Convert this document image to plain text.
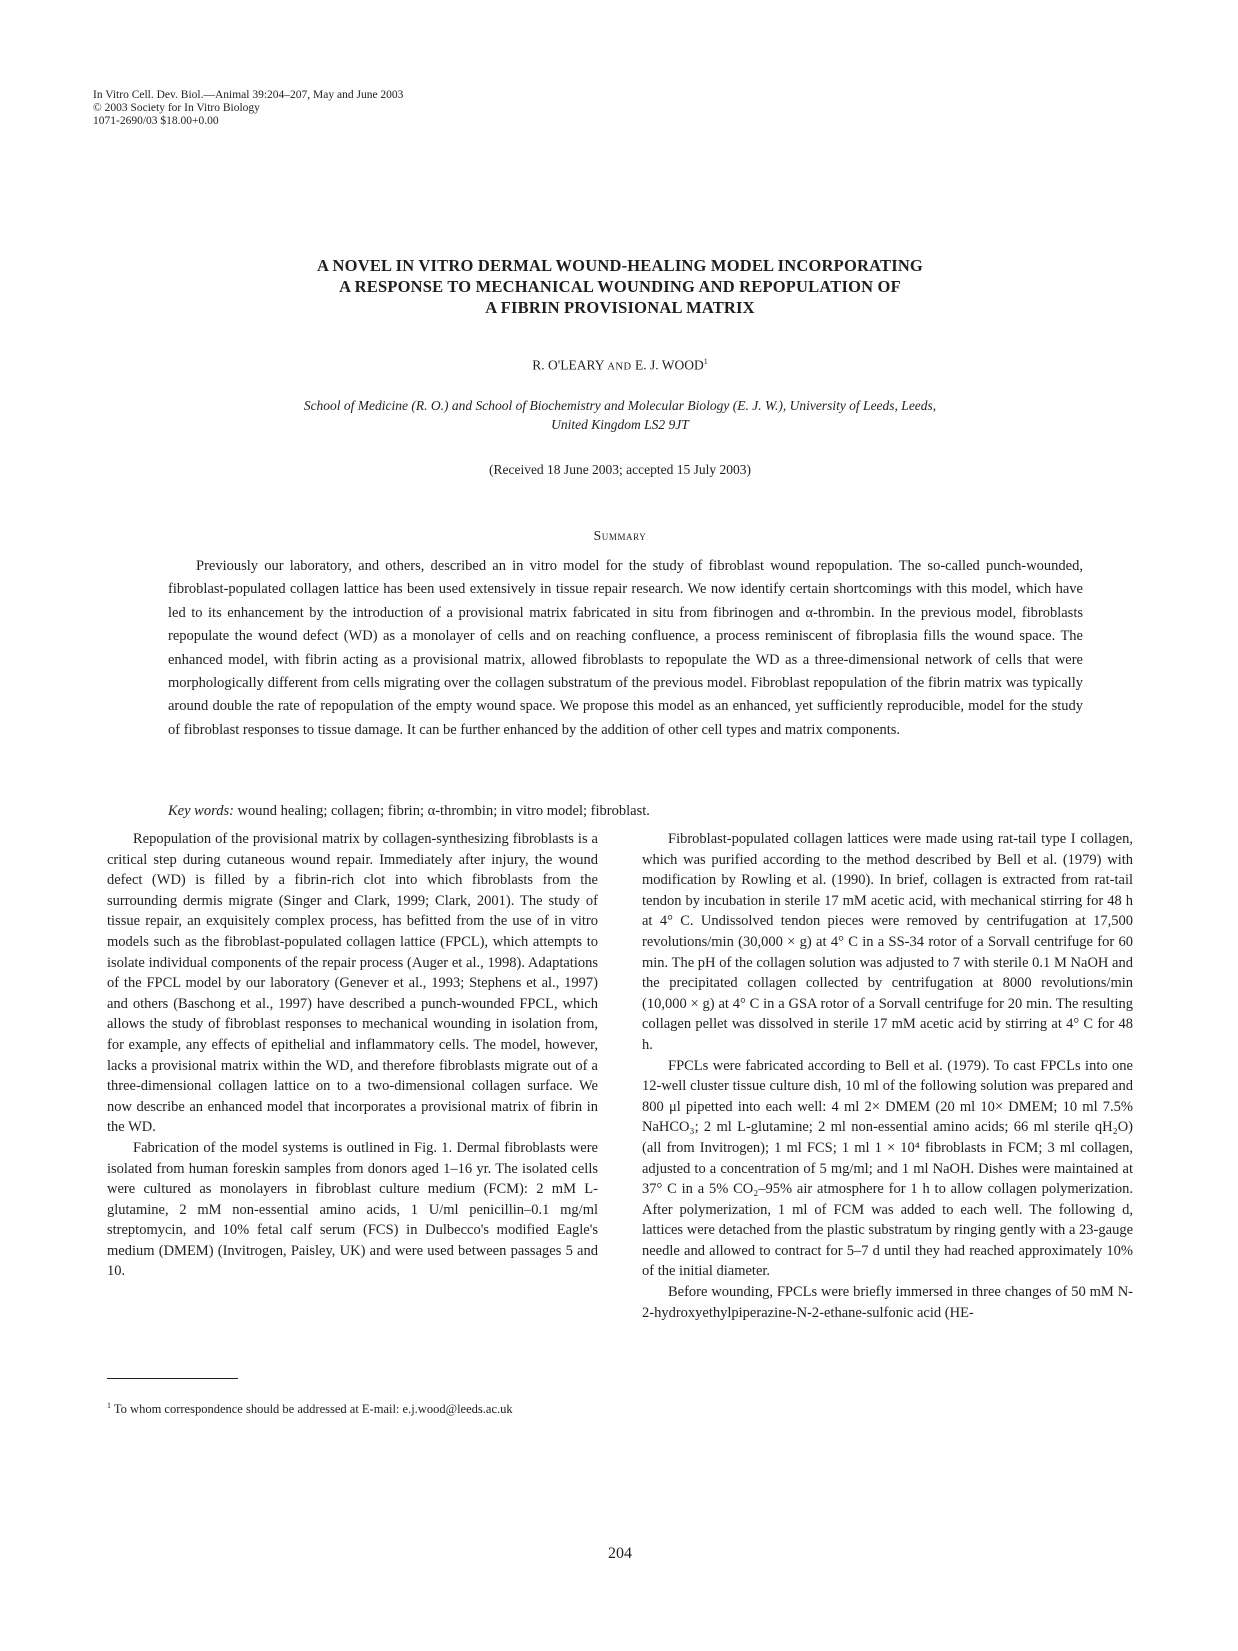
In Vitro Cell. Dev. Biol.—Animal 39:204–207, May and June 2003
© 2003 Society for In Vitro Biology
1071-2690/03 $18.00+0.00
A NOVEL IN VITRO DERMAL WOUND-HEALING MODEL INCORPORATING
A RESPONSE TO MECHANICAL WOUNDING AND REPOPULATION OF
A FIBRIN PROVISIONAL MATRIX
R. O'LEARY AND E. J. WOOD$^1$
School of Medicine (R. O.) and School of Biochemistry and Molecular Biology (E. J. W.), University of Leeds, Leeds,
United Kingdom LS2 9JT
(Received 18 June 2003; accepted 15 July 2003)
Summary

Previously our laboratory, and others, described an in vitro model for the study of fibroblast wound repopulation. The so-called punch-wounded, fibroblast-populated collagen lattice has been used extensively in tissue repair research. We now identify certain shortcomings with this model, which have led to its enhancement by the introduction of a provisional matrix fabricated in situ from fibrinogen and α-thrombin. In the previous model, fibroblasts repopulate the wound defect (WD) as a monolayer of cells and on reaching confluence, a process reminiscent of fibroplasia fills the wound space. The enhanced model, with fibrin acting as a provisional matrix, allowed fibroblasts to repopulate the WD as a three-dimensional network of cells that were morphologically different from cells migrating over the collagen substratum of the previous model. Fibroblast repopulation of the fibrin matrix was typically around double the rate of repopulation of the empty wound space. We propose this model as an enhanced, yet sufficiently reproducible, model for the study of fibroblast responses to tissue damage. It can be further enhanced by the addition of other cell types and matrix components.

Key words: wound healing; collagen; fibrin; α-thrombin; in vitro model; fibroblast.

Repopulation of the provisional matrix by collagen-synthesizing fibroblasts is a critical step during cutaneous wound repair. Immediately after injury, the wound defect (WD) is filled by a fibrin-rich clot into which fibroblasts from the surrounding dermis migrate (Singer and Clark, 1999; Clark, 2001). The study of tissue repair, an exquisitely complex process, has befitted from the use of in vitro models such as the fibroblast-populated collagen lattice (FPCL), which attempts to isolate individual components of the repair process (Auger et al., 1998). Adaptations of the FPCL model by our laboratory (Genever et al., 1993; Stephens et al., 1997) and others (Baschong et al., 1997) have described a punch-wounded FPCL, which allows the study of fibroblast responses to mechanical wounding in isolation from, for example, any effects of epithelial and inflammatory cells. The model, however, lacks a provisional matrix within the WD, and therefore fibroblasts migrate out of a three-dimensional collagen lattice on to a two-dimensional collagen surface. We now describe an enhanced model that incorporates a provisional matrix of fibrin in the WD.

Fabrication of the model systems is outlined in Fig. 1. Dermal fibroblasts were isolated from human foreskin samples from donors aged 1–16 yr. The isolated cells were cultured as monolayers in fibroblast culture medium (FCM): 2 mM L-glutamine, 2 mM non-essential amino acids, 1 U/ml penicillin–0.1 mg/ml streptomycin, and 10% fetal calf serum (FCS) in Dulbecco's modified Eagle's medium (DMEM) (Invitrogen, Paisley, UK) and were used between passages 5 and 10.

Fibroblast-populated collagen lattices were made using rat-tail type I collagen, which was purified according to the method described by Bell et al. (1979) with modification by Rowling et al. (1990). In brief, collagen is extracted from rat-tail tendon by incubation in sterile 17 mM acetic acid, with mechanical stirring for 48 h at 4° C. Undissolved tendon pieces were removed by centrifugation at 17,500 revolutions/min (30,000 × g) at 4° C in a SS-34 rotor of a Sorvall centrifuge for 60 min. The pH of the collagen solution was adjusted to 7 with sterile 0.1 M NaOH and the precipitated collagen collected by centrifugation at 8000 revolutions/min (10,000 × g) at 4° C in a GSA rotor of a Sorvall centrifuge for 20 min. The resulting collagen pellet was dissolved in sterile 17 mM acetic acid by stirring at 4° C for 48 h.

FPCLs were fabricated according to Bell et al. (1979). To cast FPCLs into one 12-well cluster tissue culture dish, 10 ml of the following solution was prepared and 800 μl pipetted into each well: 4 ml 2× DMEM (20 ml 10× DMEM; 10 ml 7.5% NaHCO₃; 2 ml L-glutamine; 2 ml non-essential amino acids; 66 ml sterile qH₂O) (all from Invitrogen); 1 ml FCS; 1 ml 1 × 10⁴ fibroblasts in FCM; 3 ml collagen, adjusted to a concentration of 5 mg/ml; and 1 ml NaOH. Dishes were maintained at 37° C in a 5% CO₂–95% air atmosphere for 1 h to allow collagen polymerization. After polymerization, 1 ml of FCM was added to each well. The following d, lattices were detached from the plastic substratum by ringing gently with a 23-gauge needle and allowed to contract for 5–7 d until they had reached approximately 10% of the initial diameter.

Before wounding, FPCLs were briefly immersed in three changes of 50 mM N-2-hydroxyethylpiperazine-N-2-ethane-sulfonic acid (HE-

$^1$ To whom correspondence should be addressed at E-mail: e.j.wood@leeds.ac.uk
204
